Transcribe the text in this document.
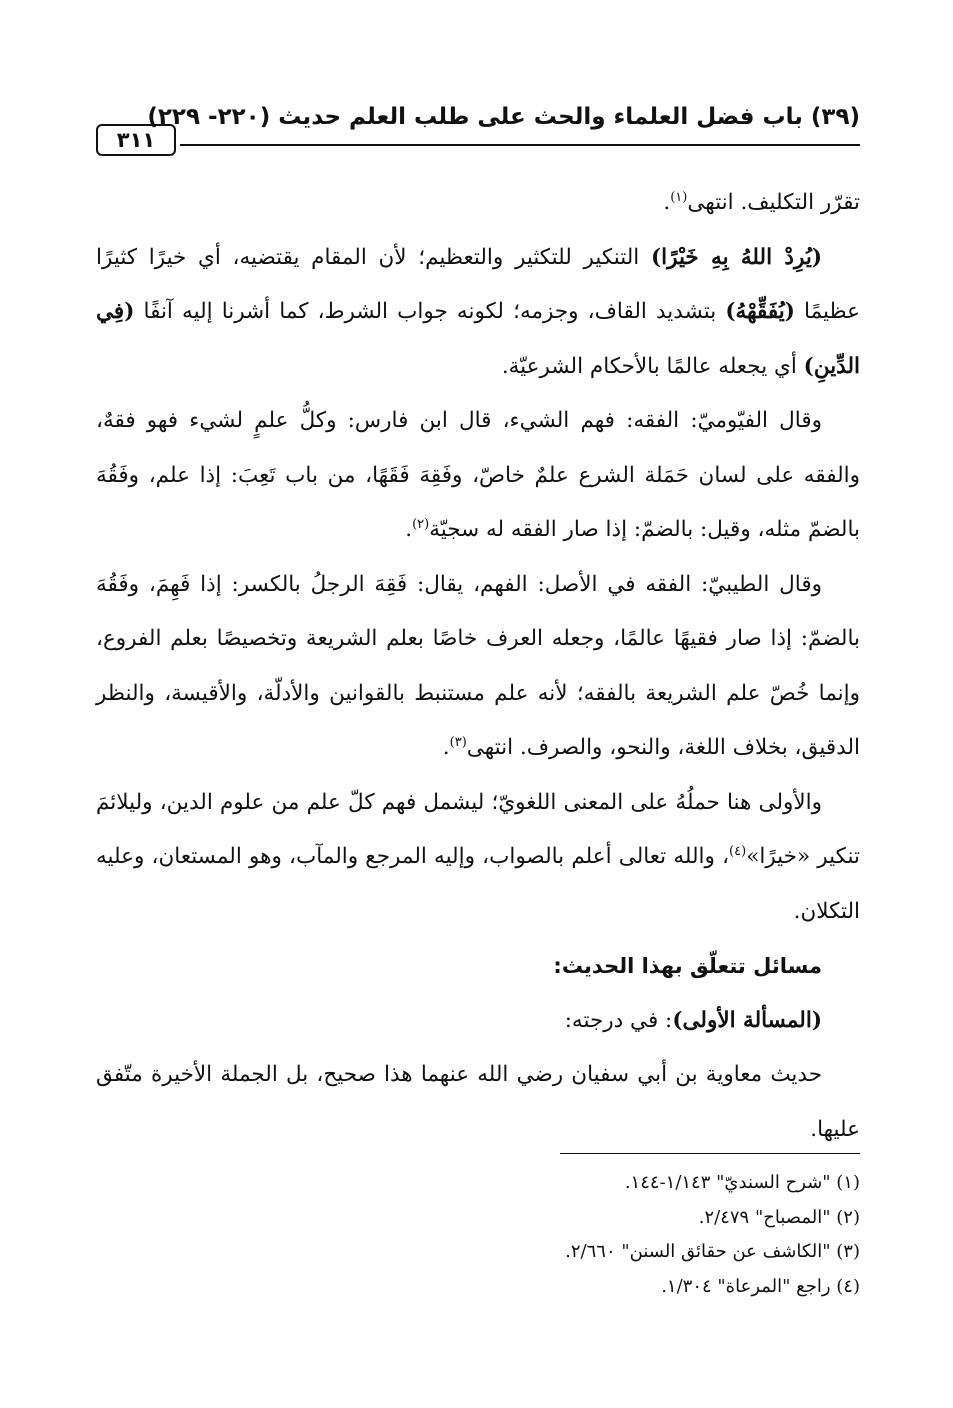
(٣٩) باب فضل العلماء والحث على طلب العلم حديث (٢٢٠- ٢٢٩)
٣١١

تقرّر التكليف. انتهى$^{(١)}$.

(يُرِدْ اللهُ بِهِ خَيْرًا) التنكير للتكثير والتعظيم؛ لأن المقام يقتضيه، أي خيرًا كثيرًا عظيمًا (يُفَقِّهْهُ) بتشديد القاف، وجزمه؛ لكونه جواب الشرط، كما أشرنا إليه آنفًا (فِي الدِّينِ) أي يجعله عالمًا بالأحكام الشرعيّة.

وقال الفيّوميّ: الفقه: فهم الشيء، قال ابن فارس: وكلُّ علمٍ لشيء فهو فقهٌ، والفقه على لسان حَمَلة الشرع علمٌ خاصّ، وفَقِهَ فَقَهًا، من باب تَعِبَ: إذا علم، وفَقُهَ بالضمّ مثله، وقيل: بالضمّ: إذا صار الفقه له سجيّة$^{(٢)}$.

وقال الطيبيّ: الفقه في الأصل: الفهم، يقال: فَقِهَ الرجلُ بالكسر: إذا فَهِمَ، وفَقُهَ بالضمّ: إذا صار فقيهًا عالمًا، وجعله العرف خاصًا بعلم الشريعة وتخصيصًا بعلم الفروع، وإنما خُصّ علم الشريعة بالفقه؛ لأنه علم مستنبط بالقوانين والأدلّة، والأقيسة، والنظر الدقيق، بخلاف اللغة، والنحو، والصرف. انتهى$^{(٣)}$.

والأولى هنا حملُهُ على المعنى اللغويّ؛ ليشمل فهم كلّ علم من علوم الدين، وليلائمَ تنكير «خيرًا»$^{(٤)}$، والله تعالى أعلم بالصواب، وإليه المرجع والمآب، وهو المستعان، وعليه التكلان.

مسائل تتعلّق بهذا الحديث:

(المسألة الأولى): في درجته:

حديث معاوية بن أبي سفيان رضي الله عنهما هذا صحيح، بل الجملة الأخيرة متّفق عليها.

(١) "شرح السنديّ" ١/١٤٣-١٤٤.

(٢) "المصباح" ٢/٤٧٩.

(٣) "الكاشف عن حقائق السنن" ٢/٦٦٠.

(٤) راجع "المرعاة" ١/٣٠٤.
